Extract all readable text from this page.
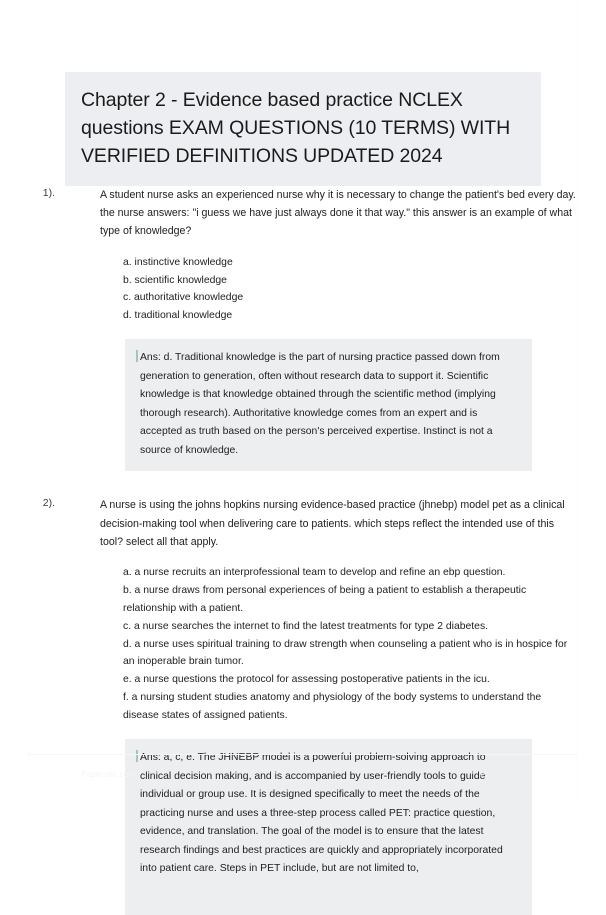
Chapter 2 - Evidence based practice NCLEX questions EXAM QUESTIONS (10 TERMS) WITH VERIFIED DEFINITIONS UPDATED 2024
1).	A student nurse asks an experienced nurse why it is necessary to change the patient's bed every day. the nurse answers: "i guess we have just always done it that way." this answer is an example of what type of knowledge?
a. instinctive knowledge
b. scientific knowledge
c. authoritative knowledge
d. traditional knowledge
Ans: d. Traditional knowledge is the part of nursing practice passed down from generation to generation, often without research data to support it. Scientific knowledge is that knowledge obtained through the scientific method (implying thorough research). Authoritative knowledge comes from an expert and is accepted as truth based on the person's perceived expertise. Instinct is not a source of knowledge.
2).	A nurse is using the johns hopkins nursing evidence-based practice (jhnebp) model pet as a clinical decision-making tool when delivering care to patients. which steps reflect the intended use of this tool? select all that apply.
a. a nurse recruits an interprofessional team to develop and refine an ebp question.
b. a nurse draws from personal experiences of being a patient to establish a therapeutic relationship with a patient.
c. a nurse searches the internet to find the latest treatments for type 2 diabetes.
d. a nurse uses spiritual training to draw strength when counseling a patient who is in hospice for an inoperable brain tumor.
e. a nurse questions the protocol for assessing postoperative patients in the icu.
f. a nursing student studies anatomy and physiology of the body systems to understand the disease states of assigned patients.
Ans: a, c, e. The JHNEBP model is a powerful problem-solving approach to clinical decision making, and is accompanied by user-friendly tools to guide individual or group use. It is designed specifically to meet the needs of the practicing nurse and uses a three-step process called PET: practice question, evidence, and translation. The goal of the model is to ensure that the latest research findings and best practices are quickly and appropriately incorporated into patient care. Steps in PET include, but are not limited to,
Paperstic.com	Page 1 of 4
